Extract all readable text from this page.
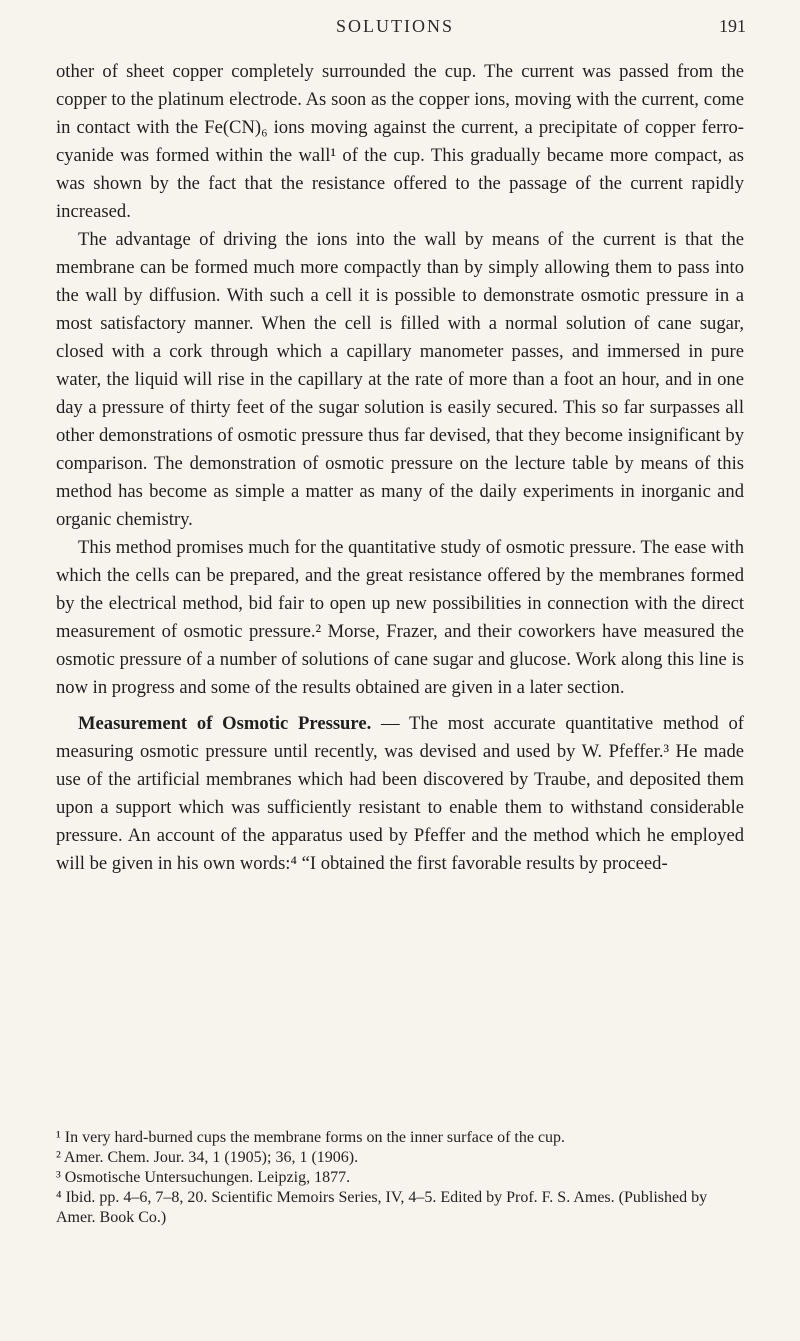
SOLUTIONS	191

other of sheet copper completely surrounded the cup. The current was passed from the copper to the platinum electrode. As soon as the copper ions, moving with the current, come in contact with the Fe(CN)₆ ions moving against the current, a precipitate of copper ferro-cyanide was formed within the wall¹ of the cup. This gradually became more compact, as was shown by the fact that the resistance offered to the passage of the current rapidly increased.

The advantage of driving the ions into the wall by means of the current is that the membrane can be formed much more compactly than by simply allowing them to pass into the wall by diffusion. With such a cell it is possible to demonstrate osmotic pressure in a most satisfactory manner. When the cell is filled with a normal solution of cane sugar, closed with a cork through which a capillary manometer passes, and immersed in pure water, the liquid will rise in the capillary at the rate of more than a foot an hour, and in one day a pressure of thirty feet of the sugar solution is easily secured. This so far surpasses all other demonstrations of osmotic pressure thus far devised, that they become insignificant by comparison. The demonstration of osmotic pressure on the lecture table by means of this method has become as simple a matter as many of the daily experiments in inorganic and organic chemistry.

This method promises much for the quantitative study of osmotic pressure. The ease with which the cells can be prepared, and the great resistance offered by the membranes formed by the electrical method, bid fair to open up new possibilities in connection with the direct measurement of osmotic pressure.² Morse, Frazer, and their coworkers have measured the osmotic pressure of a number of solutions of cane sugar and glucose. Work along this line is now in progress and some of the results obtained are given in a later section.

Measurement of Osmotic Pressure. — The most accurate quantitative method of measuring osmotic pressure until recently, was devised and used by W. Pfeffer.³ He made use of the artificial membranes which had been discovered by Traube, and deposited them upon a support which was sufficiently resistant to enable them to withstand considerable pressure. An account of the apparatus used by Pfeffer and the method which he employed will be given in his own words:⁴ “I obtained the first favorable results by proceed-

¹ In very hard-burned cups the membrane forms on the inner surface of the cup.
² Amer. Chem. Jour. 34, 1 (1905); 36, 1 (1906).
³ Osmotische Untersuchungen. Leipzig, 1877.
⁴ Ibid. pp. 4–6, 7–8, 20. Scientific Memoirs Series, IV, 4–5. Edited by Prof. F. S. Ames. (Published by Amer. Book Co.)
